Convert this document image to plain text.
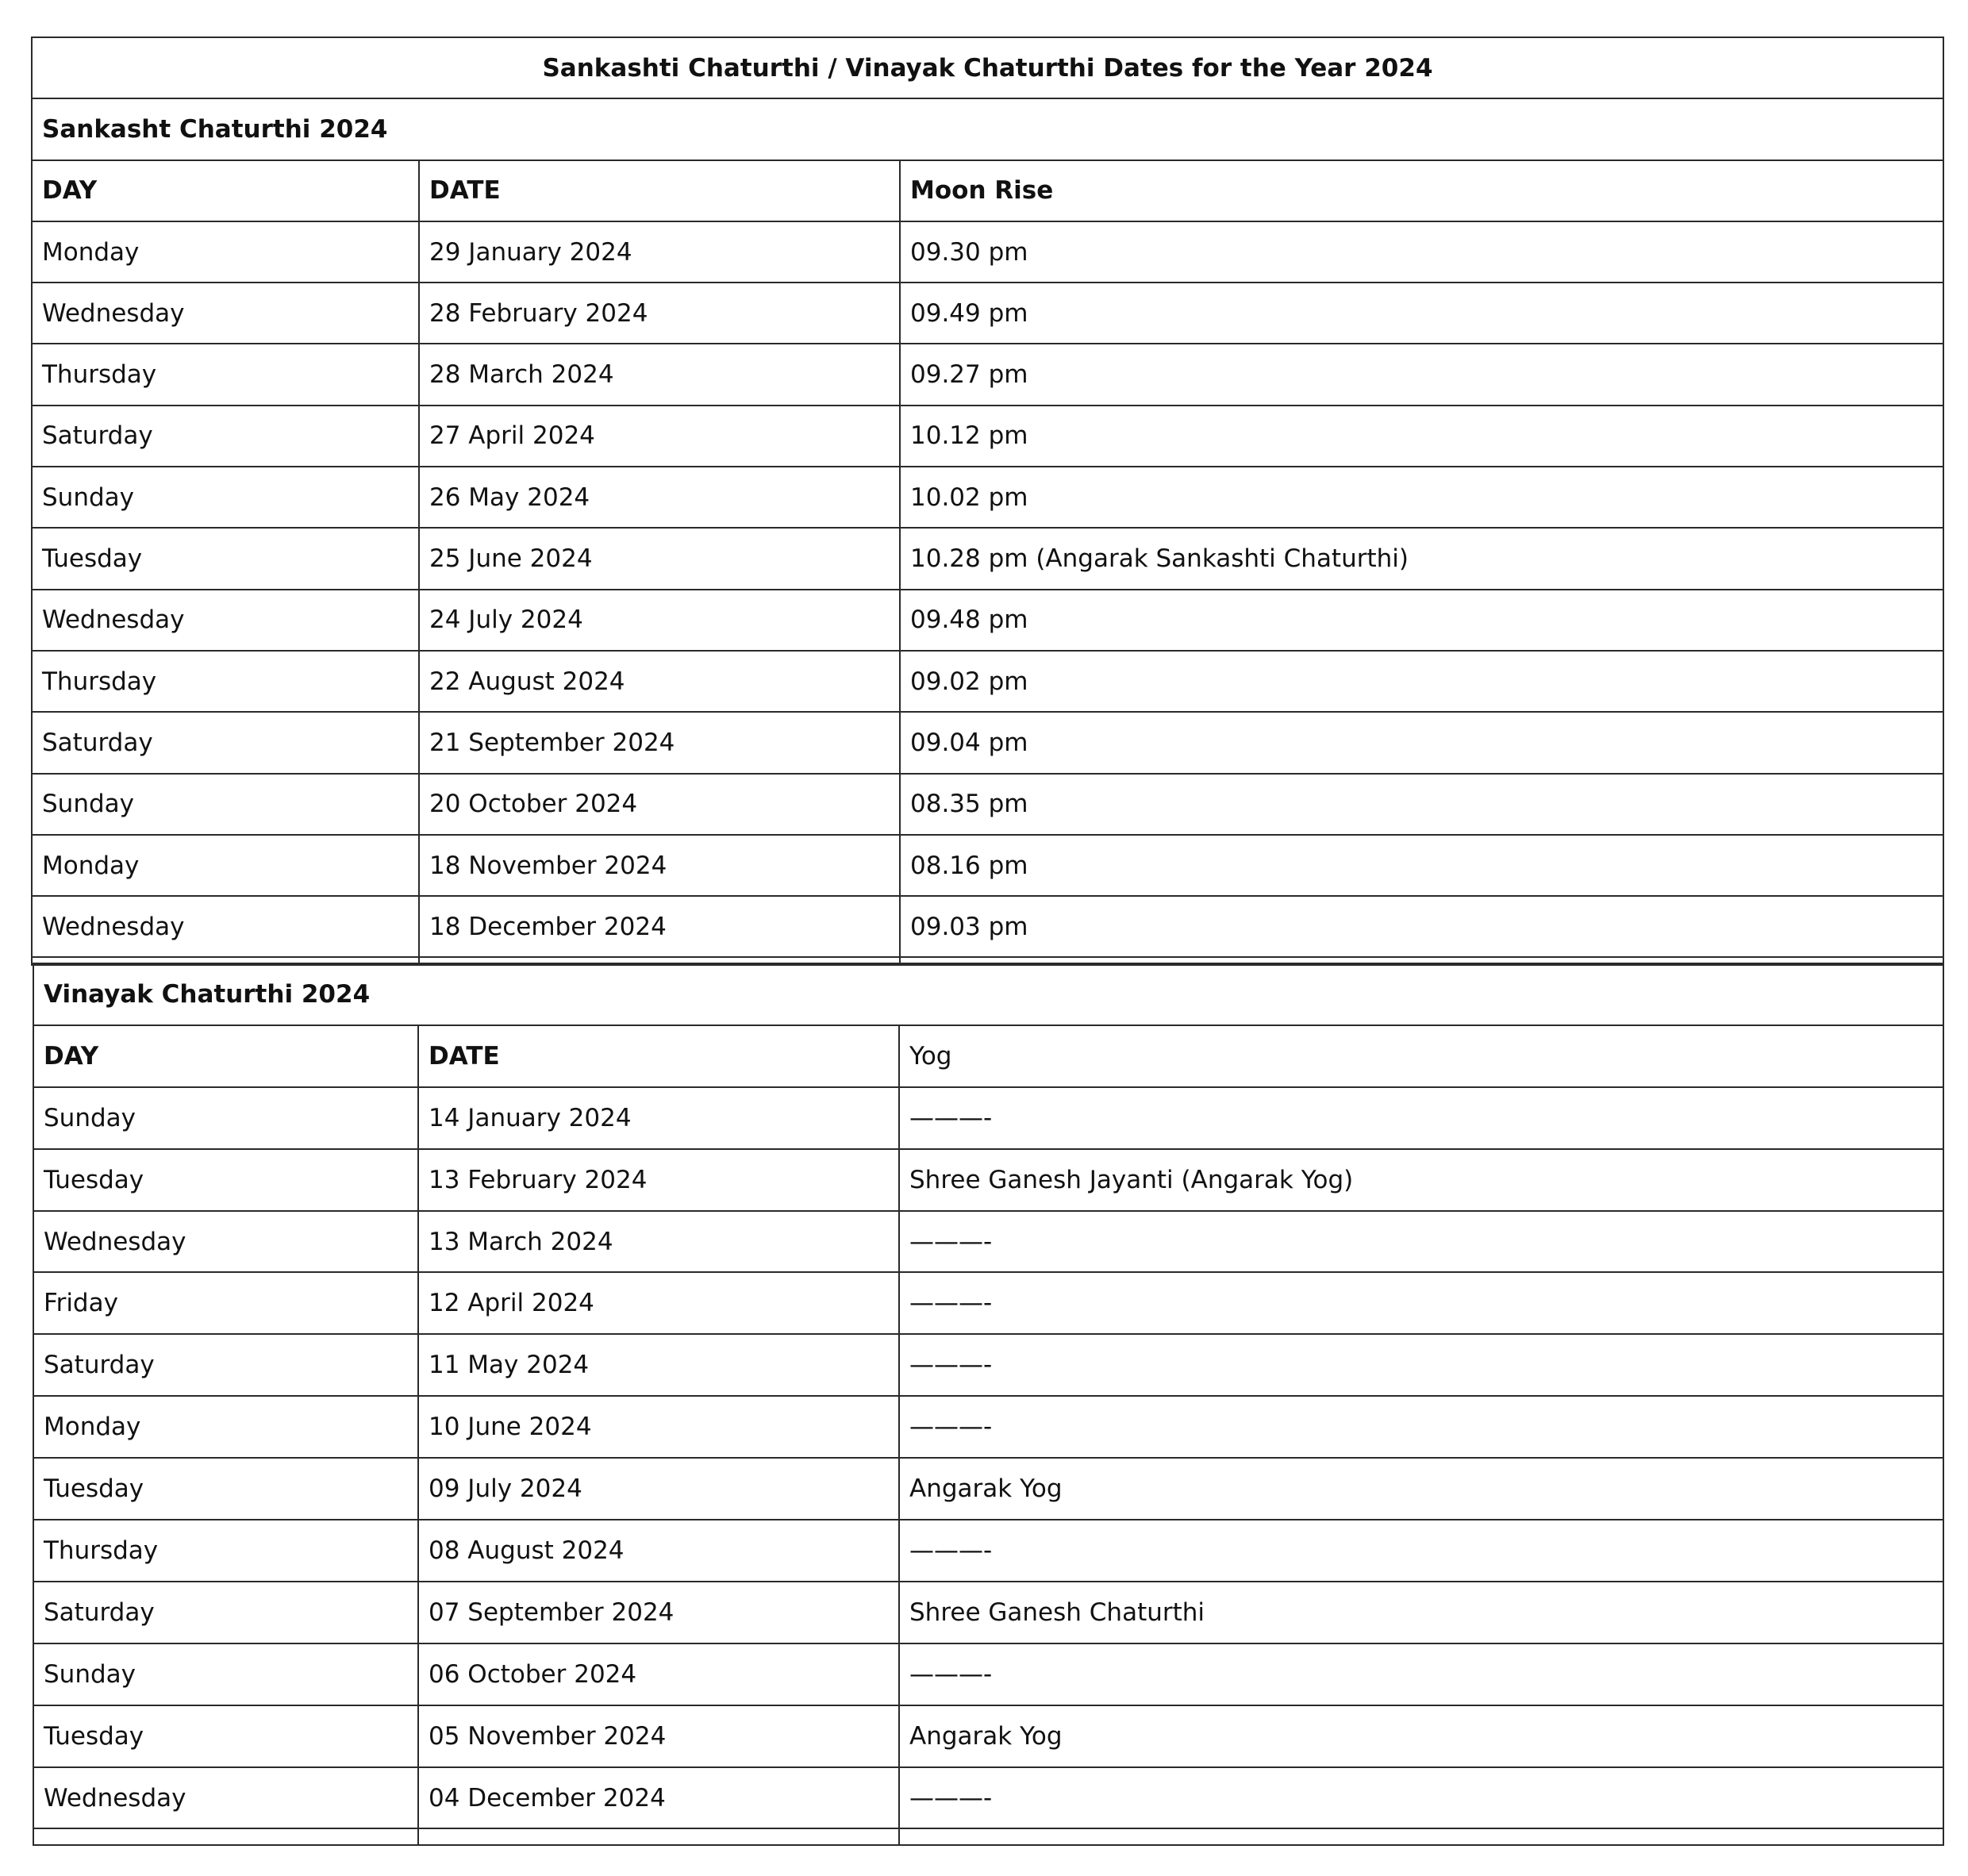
Sankashti Chaturthi / Vinayak Chaturthi Dates for the Year 2024		
Sankasht Chaturthi 2024		
DAY	DATE	Moon Rise
Monday	29 January 2024	09.30 pm
Wednesday	28 February 2024	09.49 pm
Thursday	28 March 2024	09.27 pm
Saturday	27 April 2024	10.12 pm
Sunday	26 May 2024	10.02 pm
Tuesday	25 June 2024	10.28 pm (Angarak Sankashti Chaturthi)
Wednesday	24 July 2024	09.48 pm
Thursday	22 August 2024	09.02 pm
Saturday	21 September 2024	09.04 pm
Sunday	20 October 2024	08.35 pm
Monday	18 November 2024	08.16 pm
Wednesday	18 December 2024	09.03 pm

Vinayak Chaturthi 2024		
DAY	DATE	Yog
Sunday	14 January 2024	———-
Tuesday	13 February 2024	Shree Ganesh Jayanti (Angarak Yog)
Wednesday	13 March 2024	———-
Friday	12 April 2024	———-
Saturday	11 May 2024	———-
Monday	10 June 2024	———-
Tuesday	09 July 2024	Angarak Yog
Thursday	08 August 2024	———-
Saturday	07 September 2024	Shree Ganesh Chaturthi
Sunday	06 October 2024	———-
Tuesday	05 November 2024	Angarak Yog
Wednesday	04 December 2024	———-
